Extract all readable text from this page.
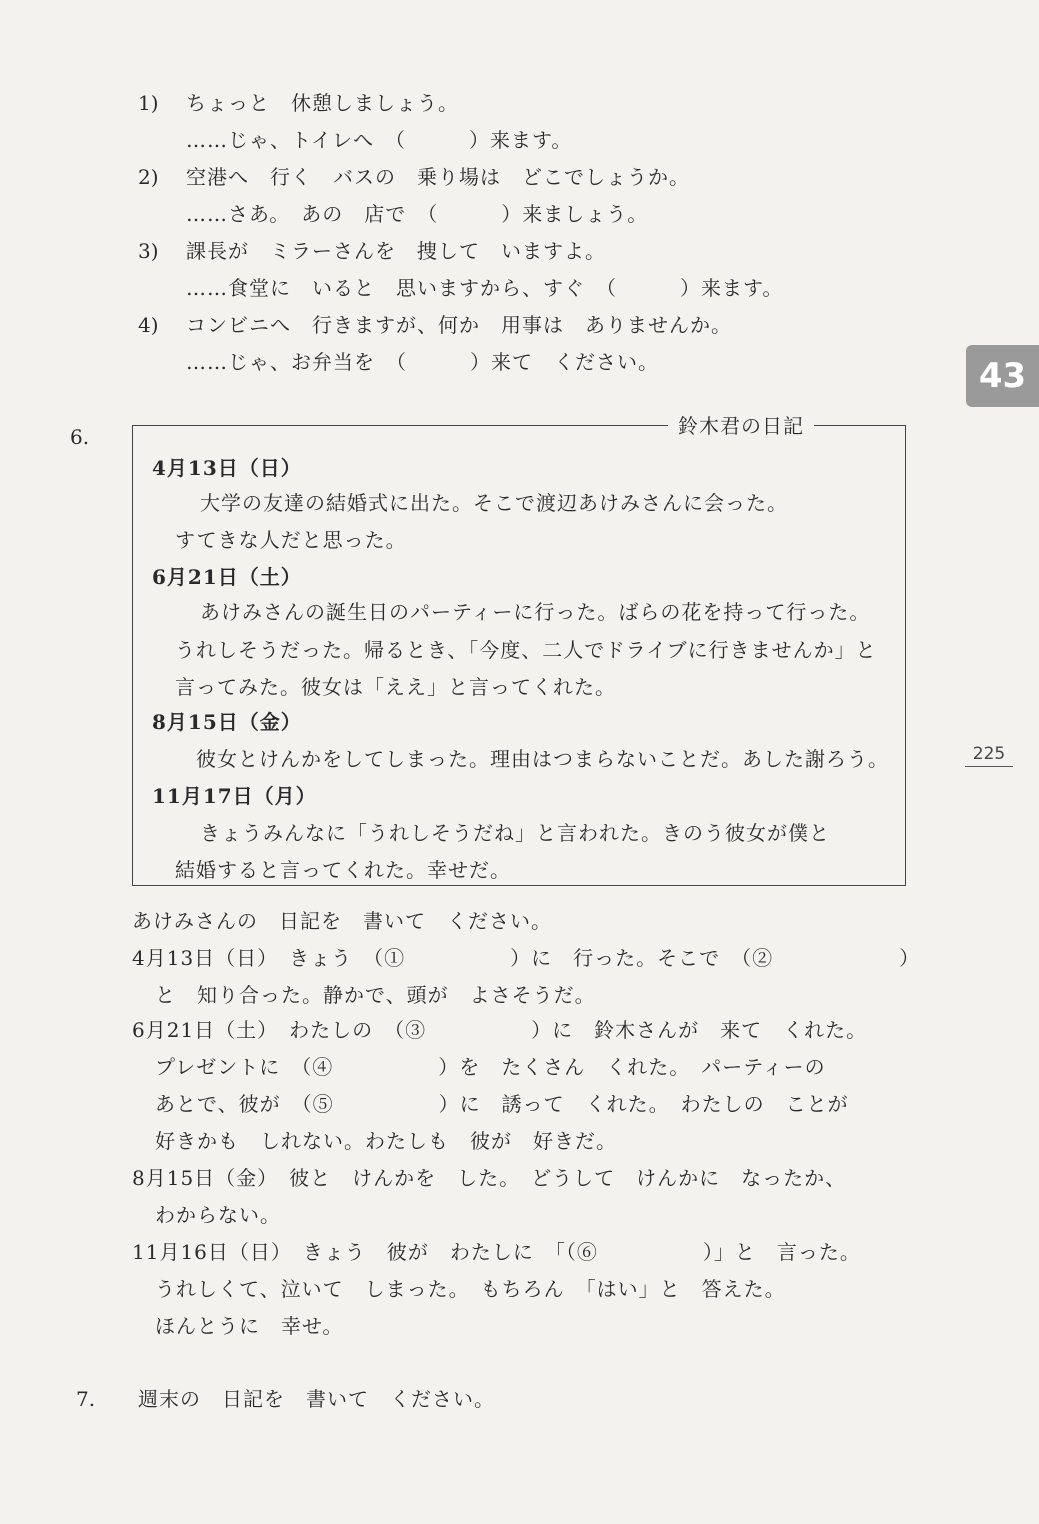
1) ちょっと　休憩しましょう。
……じゃ、トイレへ　（　　　）来ます。
2) 空港へ　行く　バスの　乗り場は　どこでしょうか。
……さあ。　あの　店で　（　　　）来ましょう。
3) 課長が　ミラーさんを　捜して　いますよ。
……食堂に　いると　思いますから、すぐ　（　　　）来ます。
4) コンビニへ　行きますが、何か　用事は　ありませんか。
……じゃ、お弁当を　（　　　）来て　ください。
6.	鈴木君の日記
4月13日（日）
大学の友達の結婚式に出た。そこで渡辺あけみさんに会った。
すてきな人だと思った。
6月21日（土）
あけみさんの誕生日のパーティーに行った。ばらの花を持って行った。
うれしそうだった。帰るとき、「今度、二人でドライブに行きませんか」と
言ってみた。彼女は「ええ」と言ってくれた。
8月15日（金）
彼女とけんかをしてしまった。理由はつまらないことだ。あした謝ろう。
11月17日（月）
きょうみんなに「うれしそうだね」と言われた。きのう彼女が僕と
結婚すると言ってくれた。幸せだ。
あけみさんの　日記を　書いて　ください。
4月13日（日）　きょう　（①　　　　　）に　行った。そこで　（②　　　　　　）
と　知り合った。静かで、頭が　よさそうだ。
6月21日（土）　わたしの　（③　　　　　）に　鈴木さんが　来て　くれた。
プレゼントに　（④　　　　　）を　たくさん　くれた。　パーティーの
あとで、彼が　（⑤　　　　　）に　誘って　くれた。　わたしの　ことが
好きかも　しれない。わたしも　彼が　好きだ。
8月15日（金）　彼と　けんかを　した。　どうして　けんかに　なったか、
わからない。
11月16日（日）　きょう　彼が　わたしに　「（⑥　　　　　）」と　言った。
うれしくて、泣いて　しまった。　もちろん　「はい」と　答えた。
ほんとうに　幸せ。
7. 週末の　日記を　書いて　ください。
43
225
